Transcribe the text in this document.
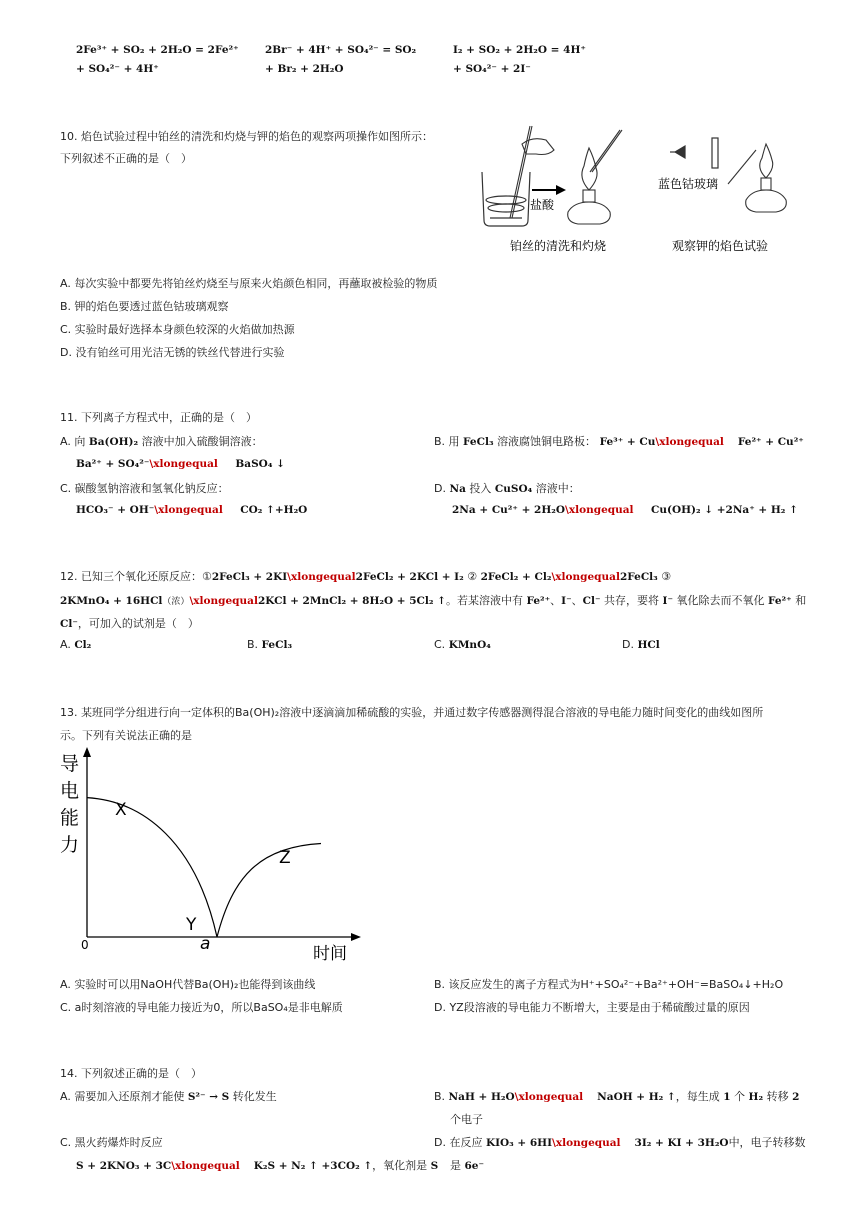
2Fe³⁺ + SO₂ + 2H₂O = 2Fe²⁺
+ SO₄²⁻ + 4H⁺
2Br⁻ + 4H⁺ + SO₄²⁻ = SO₂
+ Br₂ + 2H₂O
I₂ + SO₂ + 2H₂O = 4H⁺
+ SO₄²⁻ + 2I⁻
10. 焰色试验过程中铂丝的清洗和灼烧与钾的焰色的观察两项操作如图所示：
下列叙述不正确的是（　）
盐酸
蓝色钴玻璃
铂丝的清洗和灼烧	观察钾的焰色试验
A. 每次实验中都要先将铂丝灼烧至与原来火焰颜色相同，再蘸取被检验的物质
B. 钾的焰色要透过蓝色钴玻璃观察
C. 实验时最好选择本身颜色较深的火焰做加热源
D. 没有铂丝可用光洁无锈的铁丝代替进行实验
11. 下列离子方程式中，正确的是（　）
A. 向 Ba(OH)₂ 溶液中加入硫酸铜溶液：
Ba²⁺ + SO₄²⁻\xlongequal BaSO₄ ↓
B. 用 FeCl₃ 溶液腐蚀铜电路板： Fe³⁺ + Cu\xlongequal Fe²⁺ + Cu²⁺
C. 碳酸氢钠溶液和氢氧化钠反应：
HCO₃⁻ + OH⁻\xlongequal CO₂ ↑+H₂O
D. Na 投入 CuSO₄ 溶液中：
2Na + Cu²⁺ + 2H₂O\xlongequal Cu(OH)₂ ↓ +2Na⁺ + H₂ ↑
12. 已知三个氧化还原反应：①2FeCl₃ + 2KI\xlongequal2FeCl₂ + 2KCl + I₂ ② 2FeCl₂ + Cl₂\xlongequal2FeCl₃ ③
2KMnO₄ + 16HCl（浓）\xlongequal2KCl + 2MnCl₂ + 8H₂O + 5Cl₂ ↑。若某溶液中有 Fe²⁺、I⁻、Cl⁻ 共存，要将 I⁻ 氧化除去而不氧化 Fe²⁺ 和
Cl⁻，可加入的试剂是（　）
A. Cl₂	B. FeCl₃	C. KMnO₄	D. HCl
13. 某班同学分组进行向一定体积的Ba(OH)₂溶液中逐滴滴加稀硫酸的实验，并通过数字传感器测得混合溶液的导电能力随时间变化的曲线如图所
示。下列有关说法正确的是
导
电
能
力
0
X
Y
Z
a	时间
A. 实验时可以用NaOH代替Ba(OH)₂也能得到该曲线	B. 该反应发生的离子方程式为H⁺+SO₄²⁻+Ba²⁺+OH⁻=BaSO₄↓+H₂O
C. a时刻溶液的导电能力接近为0，所以BaSO₄是非电解质	D. YZ段溶液的导电能力不断增大，主要是由于稀硫酸过量的原因
14. 下列叙述正确的是（　）
A. 需要加入还原剂才能使 S²⁻ → S 转化发生	B. NaH + H₂O\xlongequal NaOH + H₂ ↑，每生成 1 个 H₂ 转移 2
个电子
C. 黑火药爆炸时反应
S + 2KNO₃ + 3C\xlongequal K₂S + N₂ ↑ +3CO₂ ↑，氧化剂是 S
D. 在反应 KIO₃ + 6HI\xlongequal 3I₂ + KI + 3H₂O中，电子转移数
是 6e⁻
